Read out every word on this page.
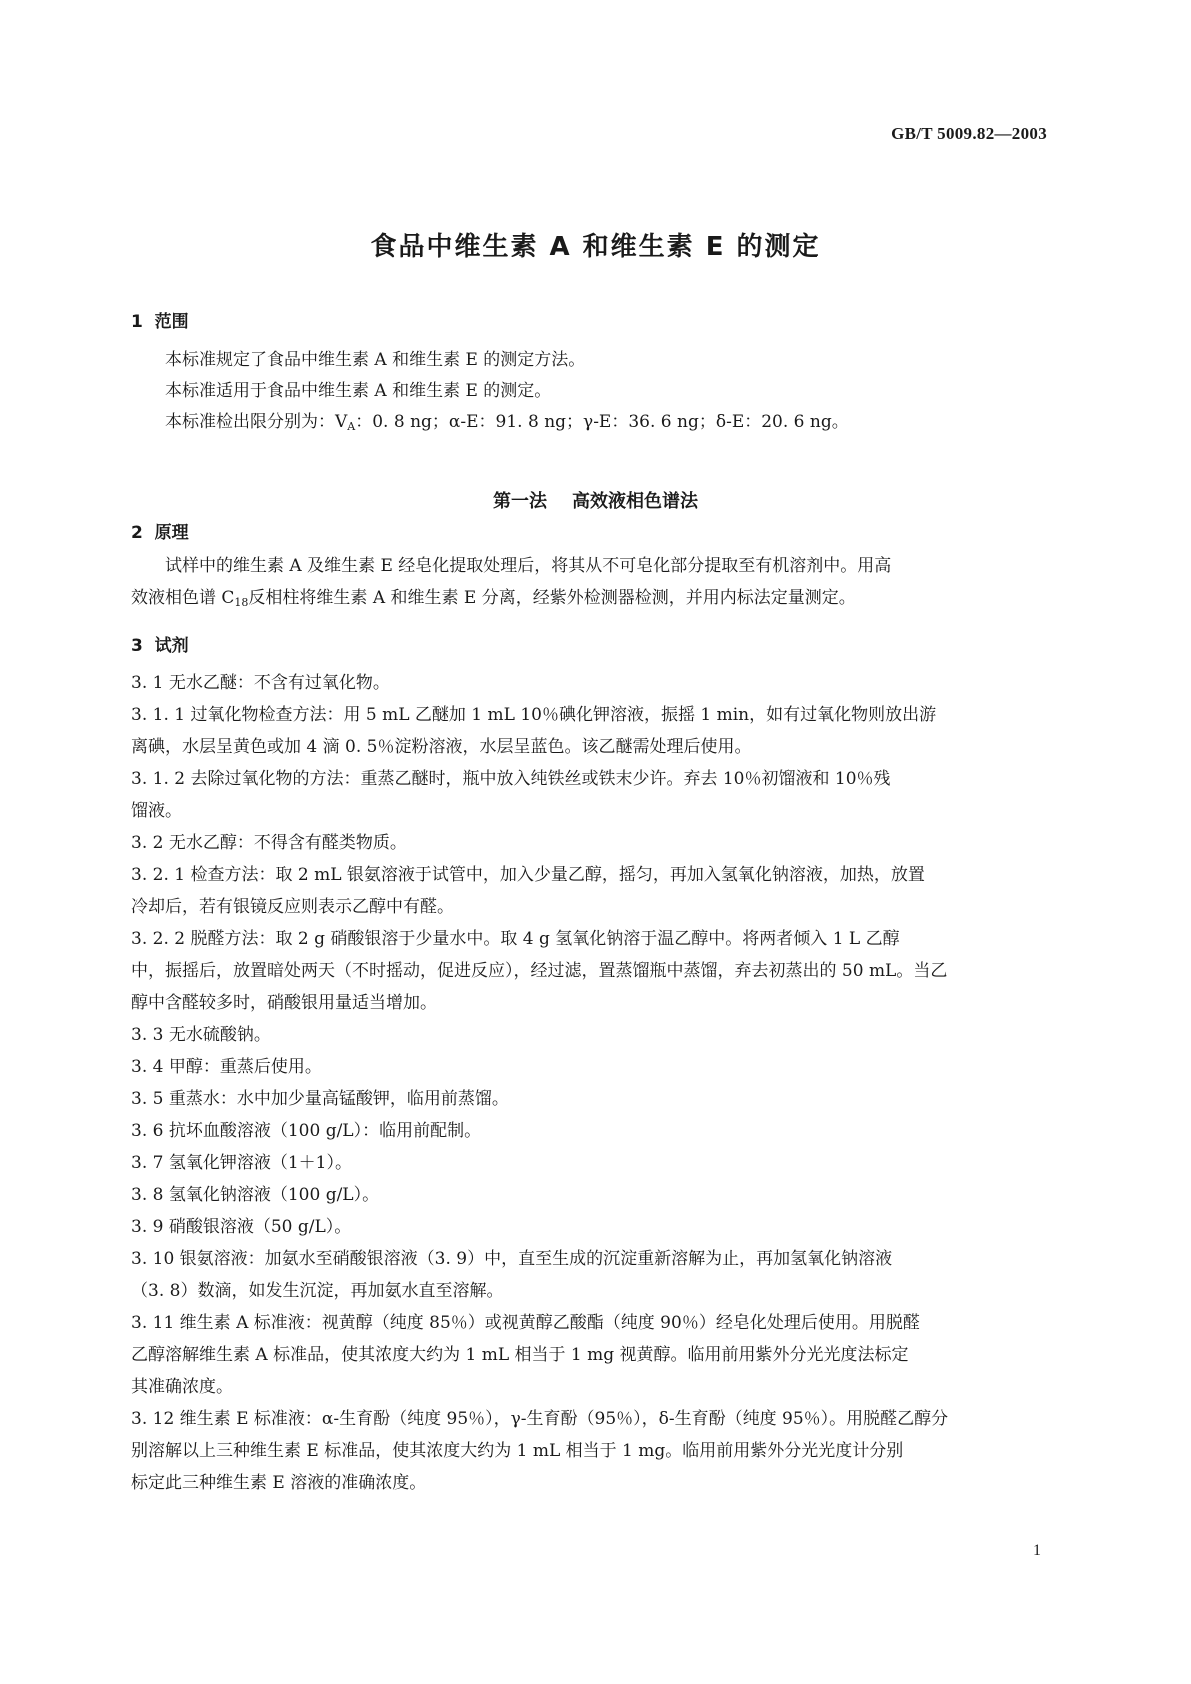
GB/T 5009.82—2003
食品中维生素 A 和维生素 E 的测定
1  范围
本标准规定了食品中维生素 A 和维生素 E 的测定方法。
本标准适用于食品中维生素 A 和维生素 E 的测定。
本标准检出限分别为：$V_A$：0. 8 ng；α-E：91. 8 ng；γ-E：36. 6 ng；δ-E：20. 6 ng。
第一法    高效液相色谱法
2  原理
试样中的维生素 A 及维生素 E 经皂化提取处理后，将其从不可皂化部分提取至有机溶剂中。用高
效液相色谱 $C_{18}$反相柱将维生素 A 和维生素 E 分离，经紫外检测器检测，并用内标法定量测定。
3  试剂
3. 1 无水乙醚：不含有过氧化物。
3. 1. 1 过氧化物检查方法：用 5 mL 乙醚加 1 mL 10％碘化钾溶液，振摇 1 min，如有过氧化物则放出游
离碘，水层呈黄色或加 4 滴 0. 5％淀粉溶液，水层呈蓝色。该乙醚需处理后使用。
3. 1. 2 去除过氧化物的方法：重蒸乙醚时，瓶中放入纯铁丝或铁末少许。弃去 10％初馏液和 10％残
馏液。
3. 2 无水乙醇：不得含有醛类物质。
3. 2. 1 检查方法：取 2 mL 银氨溶液于试管中，加入少量乙醇，摇匀，再加入氢氧化钠溶液，加热，放置
冷却后，若有银镜反应则表示乙醇中有醛。
3. 2. 2 脱醛方法：取 2 g 硝酸银溶于少量水中。取 4 g 氢氧化钠溶于温乙醇中。将两者倾入 1 L 乙醇
中，振摇后，放置暗处两天（不时摇动，促进反应），经过滤，置蒸馏瓶中蒸馏，弃去初蒸出的 50 mL。当乙
醇中含醛较多时，硝酸银用量适当增加。
3. 3 无水硫酸钠。
3. 4 甲醇：重蒸后使用。
3. 5 重蒸水：水中加少量高锰酸钾，临用前蒸馏。
3. 6 抗坏血酸溶液（100 g/L）：临用前配制。
3. 7 氢氧化钾溶液（1＋1）。
3. 8 氢氧化钠溶液（100 g/L）。
3. 9 硝酸银溶液（50 g/L）。
3. 10 银氨溶液：加氨水至硝酸银溶液（3. 9）中，直至生成的沉淀重新溶解为止，再加氢氧化钠溶液
（3. 8）数滴，如发生沉淀，再加氨水直至溶解。
3. 11 维生素 A 标准液：视黄醇（纯度 85％）或视黄醇乙酸酯（纯度 90％）经皂化处理后使用。用脱醛
乙醇溶解维生素 A 标准品，使其浓度大约为 1 mL 相当于 1 mg 视黄醇。临用前用紫外分光光度法标定
其准确浓度。
3. 12 维生素 E 标准液：α-生育酚（纯度 95％），γ-生育酚（95％），δ-生育酚（纯度 95％）。用脱醛乙醇分
别溶解以上三种维生素 E 标准品，使其浓度大约为 1 mL 相当于 1 mg。临用前用紫外分光光度计分别
标定此三种维生素 E 溶液的准确浓度。
1
